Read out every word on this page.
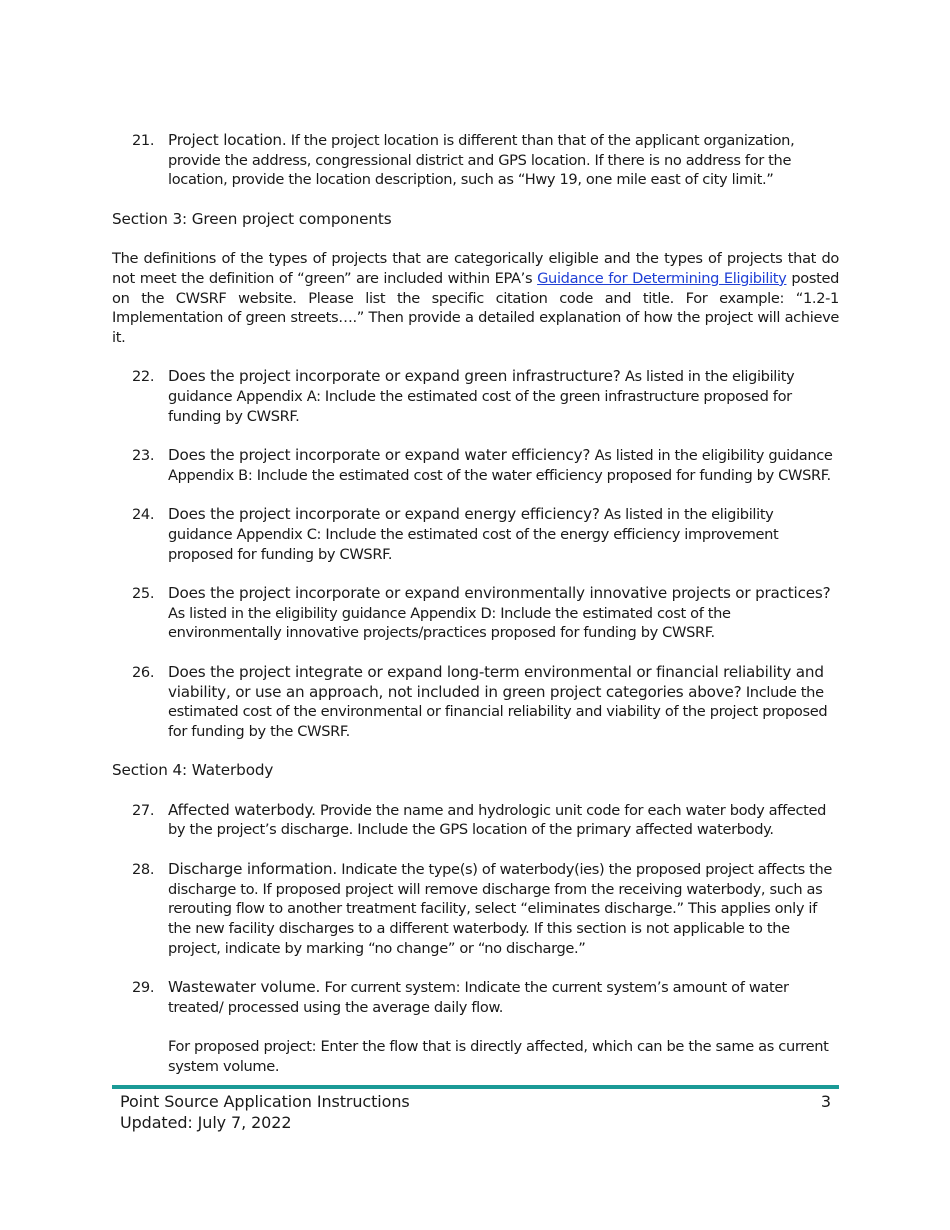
21. Project location. If the project location is different than that of the applicant organization, provide the address, congressional district and GPS location. If there is no address for the location, provide the location description, such as “Hwy 19, one mile east of city limit.”

Section 3: Green project components

The definitions of the types of projects that are categorically eligible and the types of projects that do not meet the definition of “green” are included within EPA’s Guidance for Determining Eligibility posted on the CWSRF website. Please list the specific citation code and title. For example: “1.2-1 Implementation of green streets….” Then provide a detailed explanation of how the project will achieve it.

22. Does the project incorporate or expand green infrastructure? As listed in the eligibility guidance Appendix A: Include the estimated cost of the green infrastructure proposed for funding by CWSRF.

23. Does the project incorporate or expand water efficiency? As listed in the eligibility guidance Appendix B: Include the estimated cost of the water efficiency proposed for funding by CWSRF.

24. Does the project incorporate or expand energy efficiency? As listed in the eligibility guidance Appendix C: Include the estimated cost of the energy efficiency improvement proposed for funding by CWSRF.

25. Does the project incorporate or expand environmentally innovative projects or practices? As listed in the eligibility guidance Appendix D: Include the estimated cost of the environmentally innovative projects/practices proposed for funding by CWSRF.

26. Does the project integrate or expand long-term environmental or financial reliability and viability, or use an approach, not included in green project categories above? Include the estimated cost of the environmental or financial reliability and viability of the project proposed for funding by the CWSRF.

Section 4: Waterbody
27. Affected waterbody. Provide the name and hydrologic unit code for each water body affected by the project’s discharge. Include the GPS location of the primary affected waterbody.

28. Discharge information. Indicate the type(s) of waterbody(ies) the proposed project affects the discharge to. If proposed project will remove discharge from the receiving waterbody, such as rerouting flow to another treatment facility, select “eliminates discharge.” This applies only if the new facility discharges to a different waterbody. If this section is not applicable to the project, indicate by marking “no change” or “no discharge.”

29. Wastewater volume. For current system: Indicate the current system’s amount of water treated/ processed using the average daily flow.

For proposed project: Enter the flow that is directly affected, which can be the same as current system volume.

Point Source Application Instructions
Updated: July 7, 2022
3
